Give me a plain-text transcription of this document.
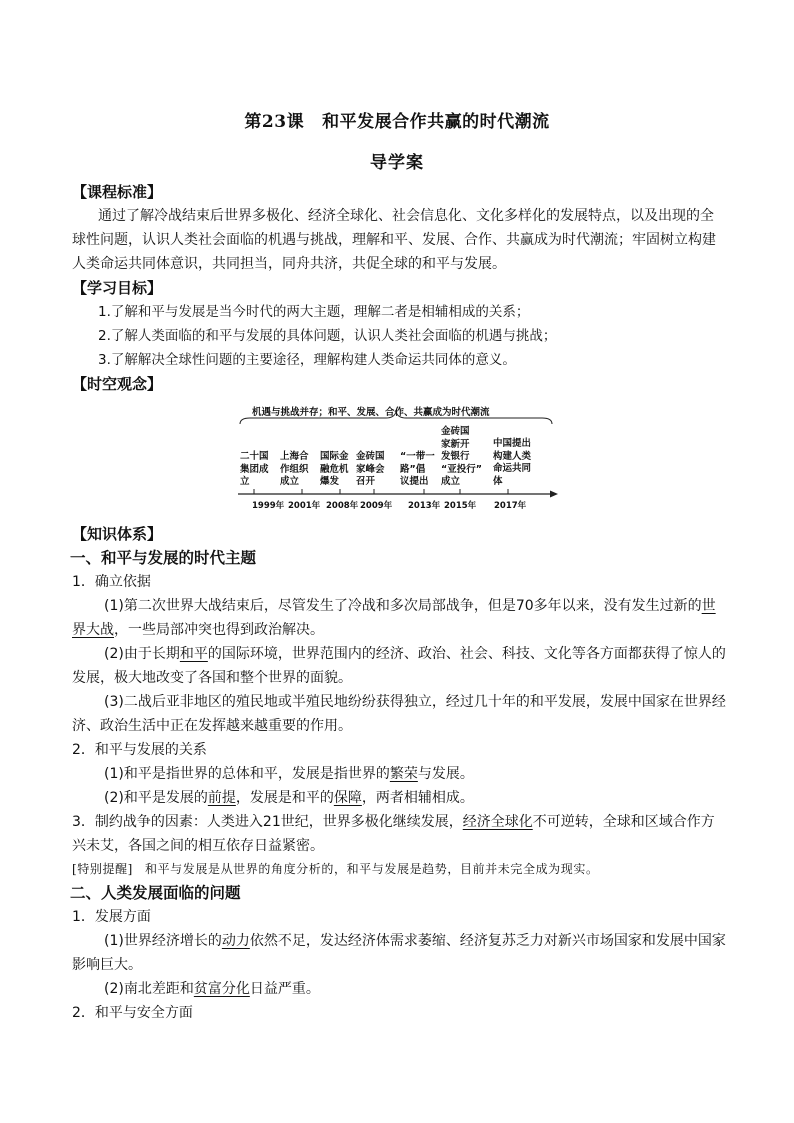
第23课 和平发展合作共赢的时代潮流
导学案
【课程标准】
通过了解冷战结束后世界多极化、经济全球化、社会信息化、文化多样化的发展特点，以及出现的全
球性问题，认识人类社会面临的机遇与挑战，理解和平、发展、合作、共赢成为时代潮流；牢固树立构建
人类命运共同体意识，共同担当，同舟共济，共促全球的和平与发展。
【学习目标】
1.了解和平与发展是当今时代的两大主题，理解二者是相辅相成的关系；
2.了解人类面临的和平与发展的具体问题，认识人类社会面临的机遇与挑战；
3.了解解决全球性问题的主要途径，理解构建人类命运共同体的意义。
【时空观念】
机遇与挑战并存；和平、发展、合作、共赢成为时代潮流
二十国
集团成
立
上海合
作组织
成立
国际金
融危机
爆发
金砖国
家峰会
召开
“一带一
路”倡
议提出
金砖国
家新开
发银行
“亚投行”
成立
中国提出
构建人类
命运共同
体
1999年 2001年 2008年 2009年 2013年 2015年 2017年
【知识体系】
一、和平与发展的时代主题
1．确立依据
(1)第二次世界大战结束后，尽管发生了冷战和多次局部战争，但是70多年以来，没有发生过新的世
界大战，一些局部冲突也得到政治解决。
(2)由于长期和平的国际环境，世界范围内的经济、政治、社会、科技、文化等各方面都获得了惊人的
发展，极大地改变了各国和整个世界的面貌。
(3)二战后亚非地区的殖民地或半殖民地纷纷获得独立，经过几十年的和平发展，发展中国家在世界经
济、政治生活中正在发挥越来越重要的作用。
2．和平与发展的关系
(1)和平是指世界的总体和平，发展是指世界的繁荣与发展。
(2)和平是发展的前提，发展是和平的保障，两者相辅相成。
3．制约战争的因素：人类进入21世纪，世界多极化继续发展，经济全球化不可逆转，全球和区域合作方
兴未艾，各国之间的相互依存日益紧密。
[特别提醒] 和平与发展是从世界的角度分析的，和平与发展是趋势，目前并未完全成为现实。
二、人类发展面临的问题
1．发展方面
(1)世界经济增长的动力依然不足，发达经济体需求萎缩、经济复苏乏力对新兴市场国家和发展中国家
影响巨大。
(2)南北差距和贫富分化日益严重。
2．和平与安全方面
